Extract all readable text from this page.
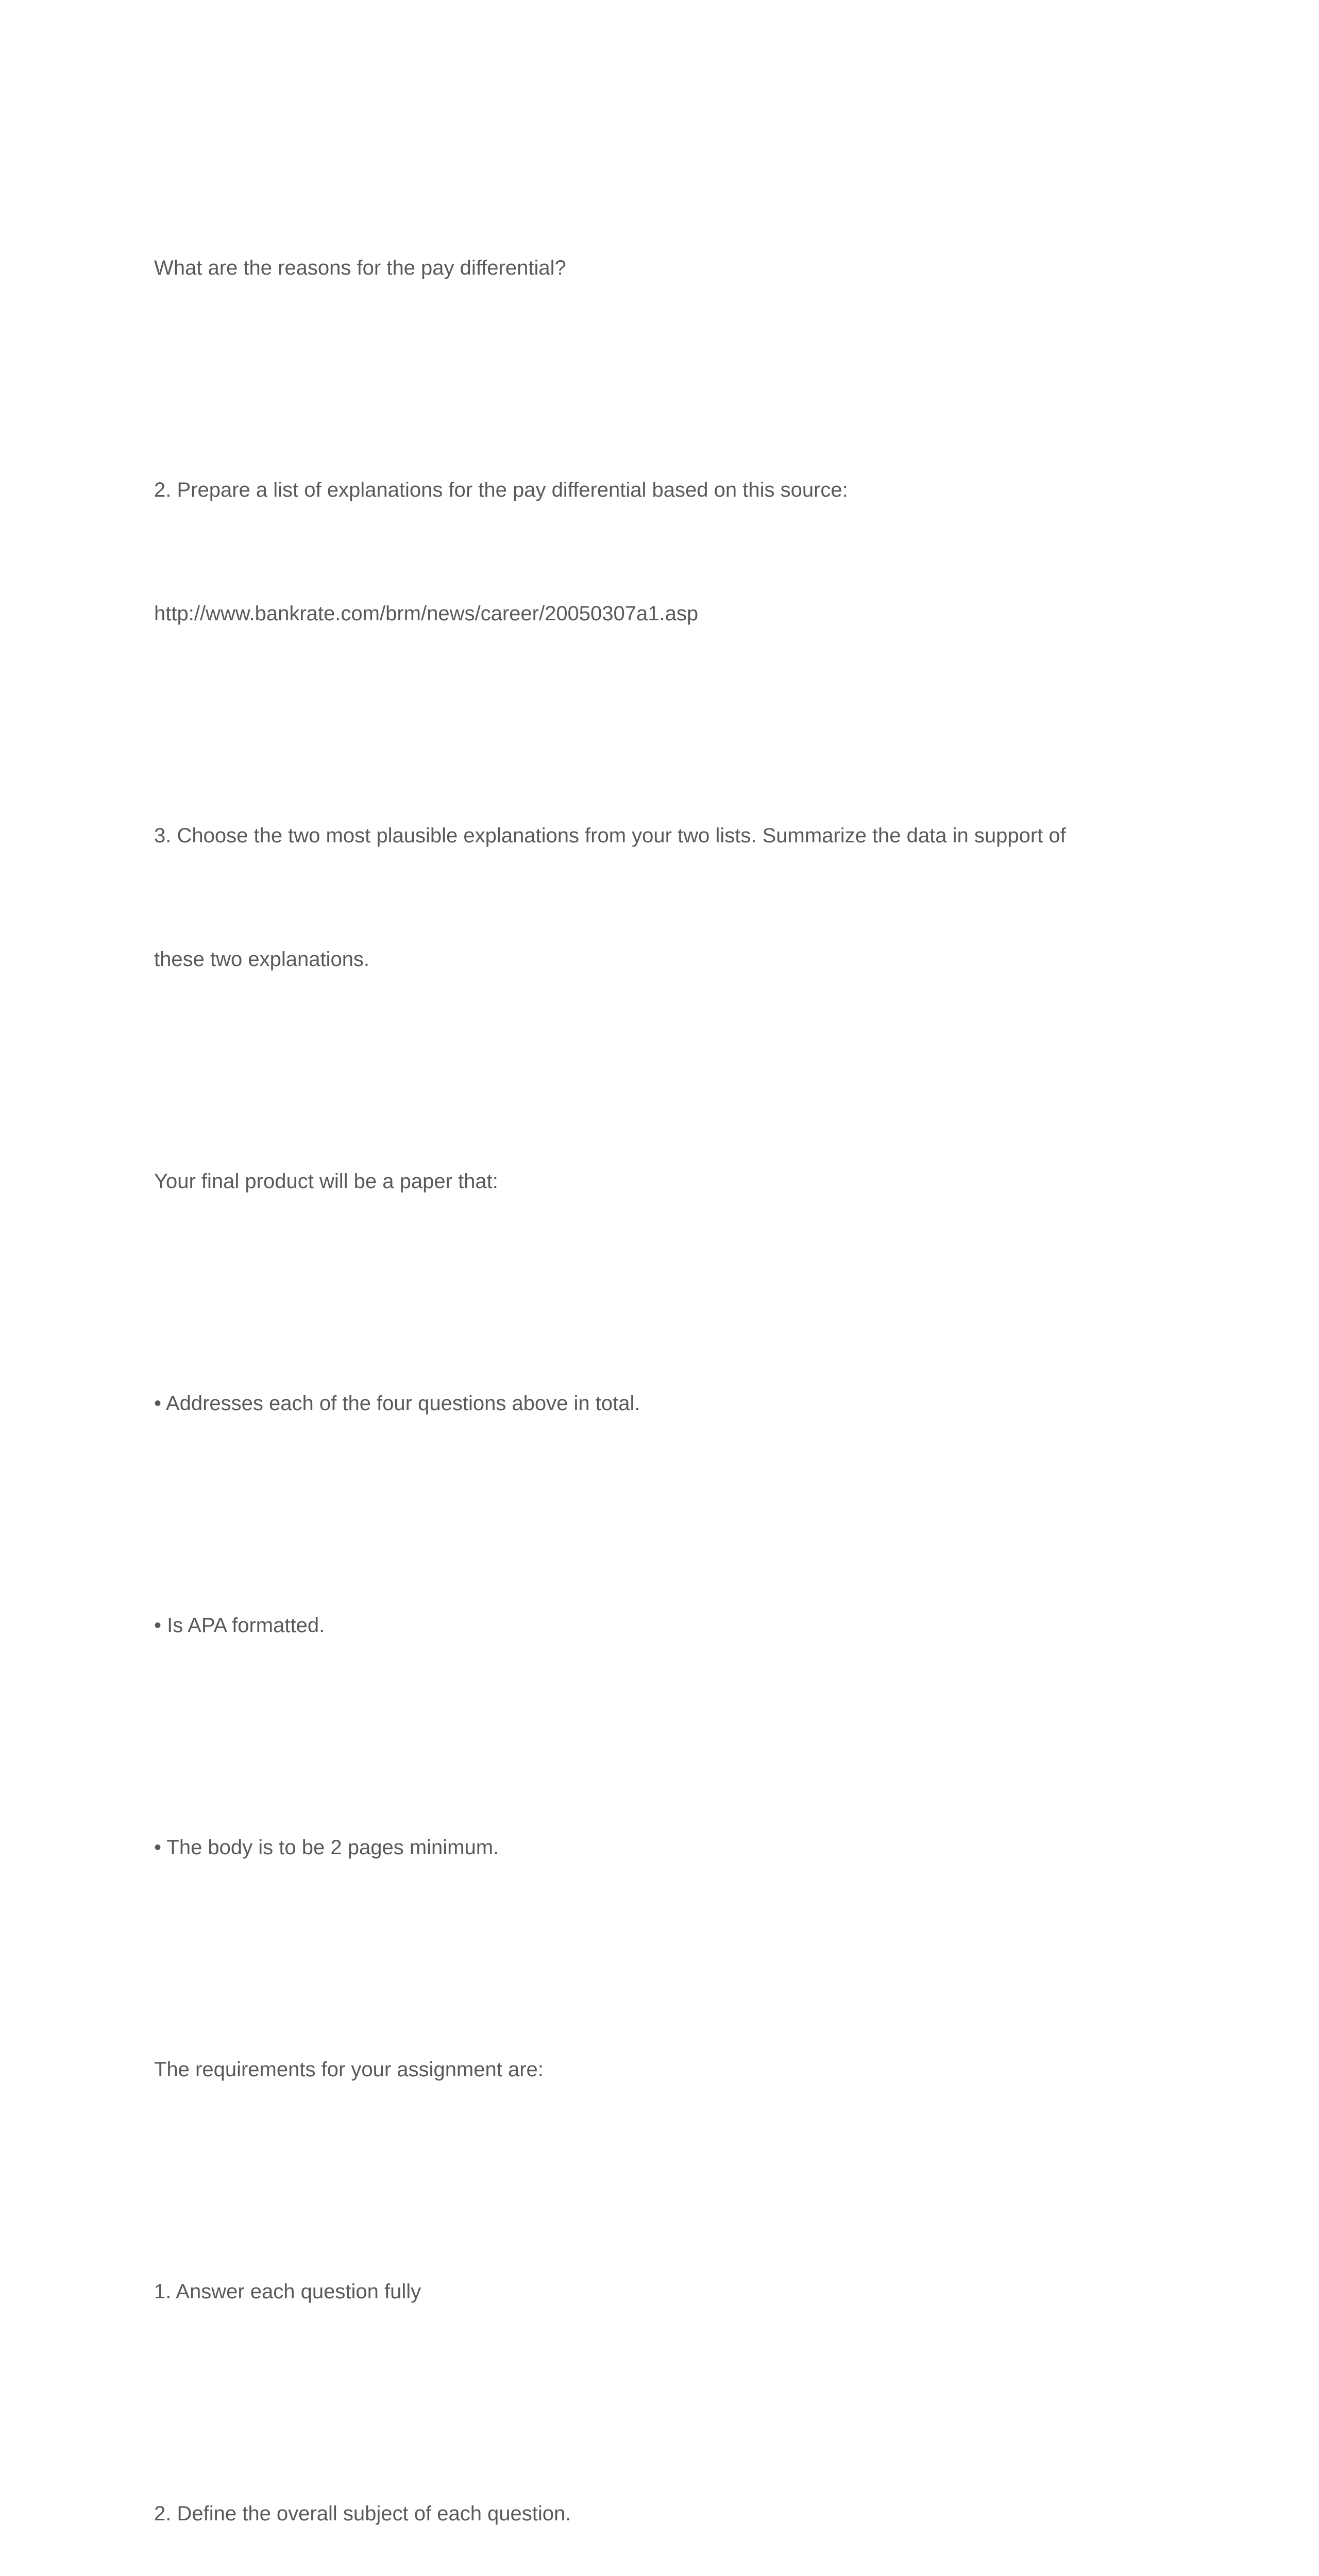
What are the reasons for the pay differential?

2. Prepare a list of explanations for the pay differential based on this source:

http://www.bankrate.com/brm/news/career/20050307a1.asp

3. Choose the two most plausible explanations from your two lists. Summarize the data in support of

these two explanations.

Your final product will be a paper that:

• Addresses each of the four questions above in total.

• Is APA formatted.

• The body is to be 2 pages minimum.

The requirements for your assignment are:

1. Answer each question fully

2. Define the overall subject of each question.
